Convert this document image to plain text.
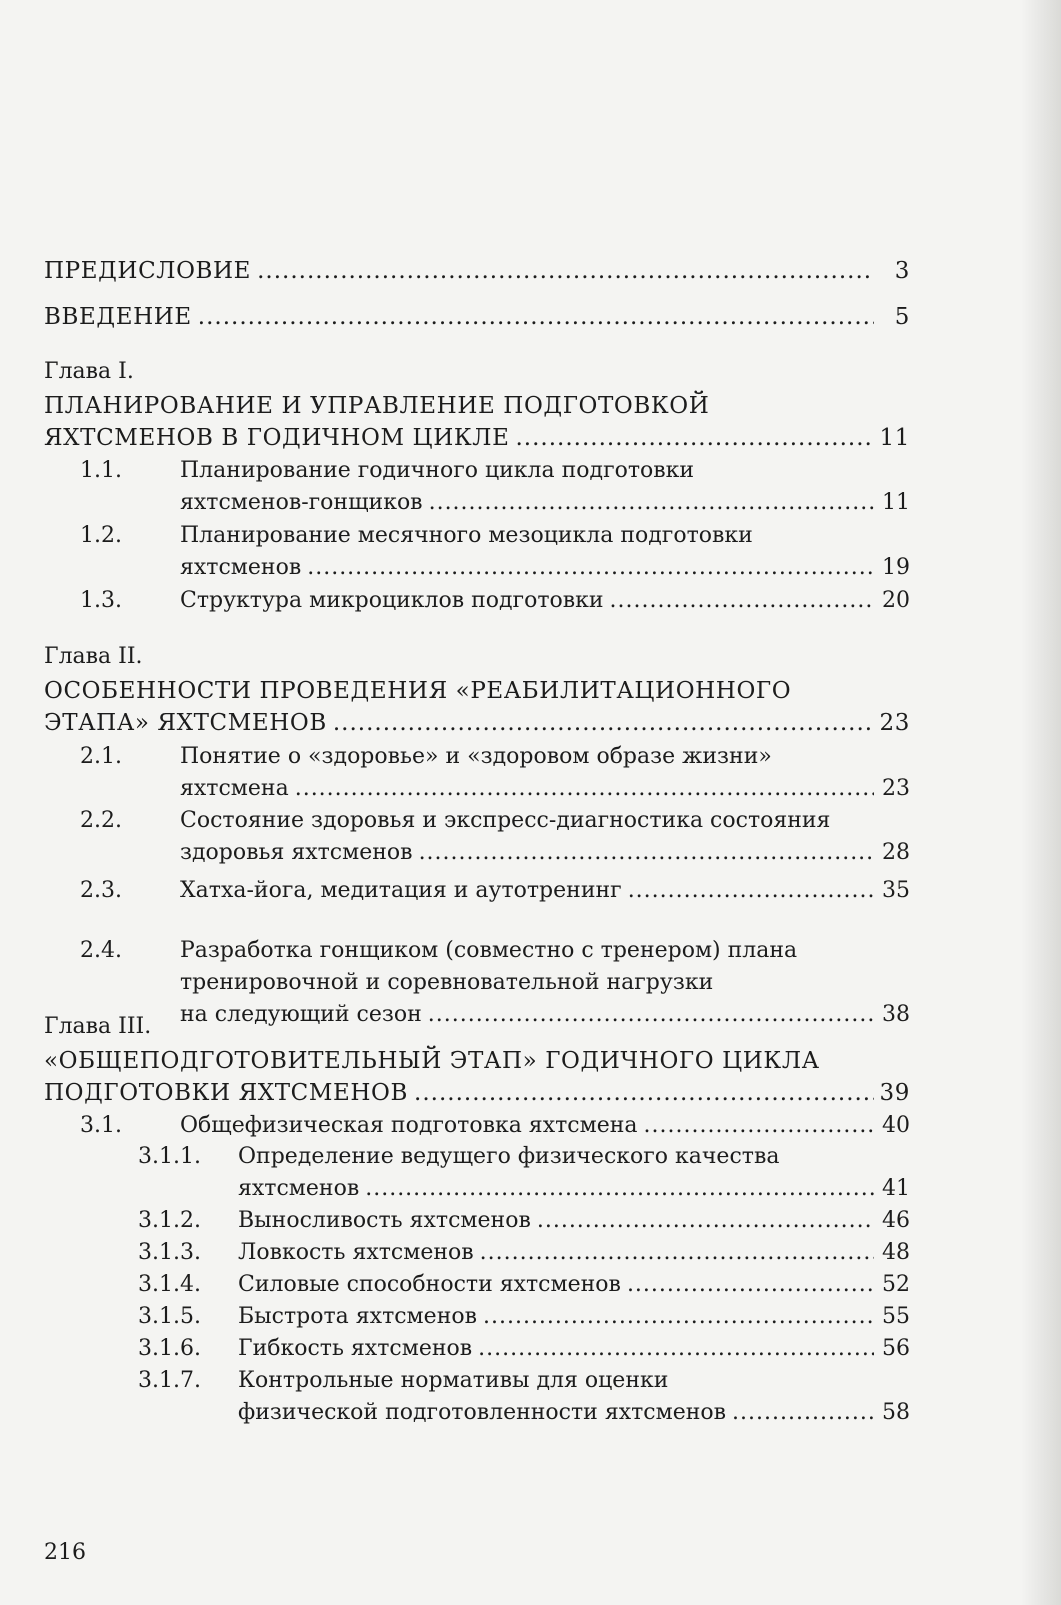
ПРЕДИСЛОВИЕ .....	3
ВВЕДЕНИЕ .....	5
Глава I.
ПЛАНИРОВАНИЕ И УПРАВЛЕНИЕ ПОДГОТОВКОЙ
ЯХТСМЕНОВ В ГОДИЧНОМ ЦИКЛЕ .....	11
1.1.	Планирование годичного цикла подготовки
яхтсменов-гонщиков .....	11
1.2.	Планирование месячного мезоцикла подготовки
яхтсменов .....	19
1.3.	Структура микроциклов подготовки .....	20
Глава II.
ОСОБЕННОСТИ ПРОВЕДЕНИЯ «РЕАБИЛИТАЦИОННОГО
ЭТАПА» ЯХТСМЕНОВ .....	23
2.1.	Понятие о «здоровье» и «здоровом образе жизни»
яхтсмена .....	23
2.2.	Состояние здоровья и экспресс-диагностика состояния
здоровья яхтсменов .....	28
2.3.	Хатха-йога, медитация и аутотренинг .....	35
2.4.	Разработка гонщиком (совместно с тренером) плана
тренировочной и соревновательной нагрузки
на следующий сезон .....	38
Глава III.
«ОБЩЕПОДГОТОВИТЕЛЬНЫЙ ЭТАП» ГОДИЧНОГО ЦИКЛА
ПОДГОТОВКИ ЯХТСМЕНОВ .....	39
3.1.	Общефизическая подготовка яхтсмена .....	40
3.1.1.	Определение ведущего физического качества
яхтсменов .....	41
3.1.2.	Выносливость яхтсменов .....	46
3.1.3.	Ловкость яхтсменов .....	48
3.1.4.	Силовые способности яхтсменов .....	52
3.1.5.	Быстрота яхтсменов .....	55
3.1.6.	Гибкость яхтсменов .....	56
3.1.7.	Контрольные нормативы для оценки
физической подготовленности яхтсменов .....	58
216
